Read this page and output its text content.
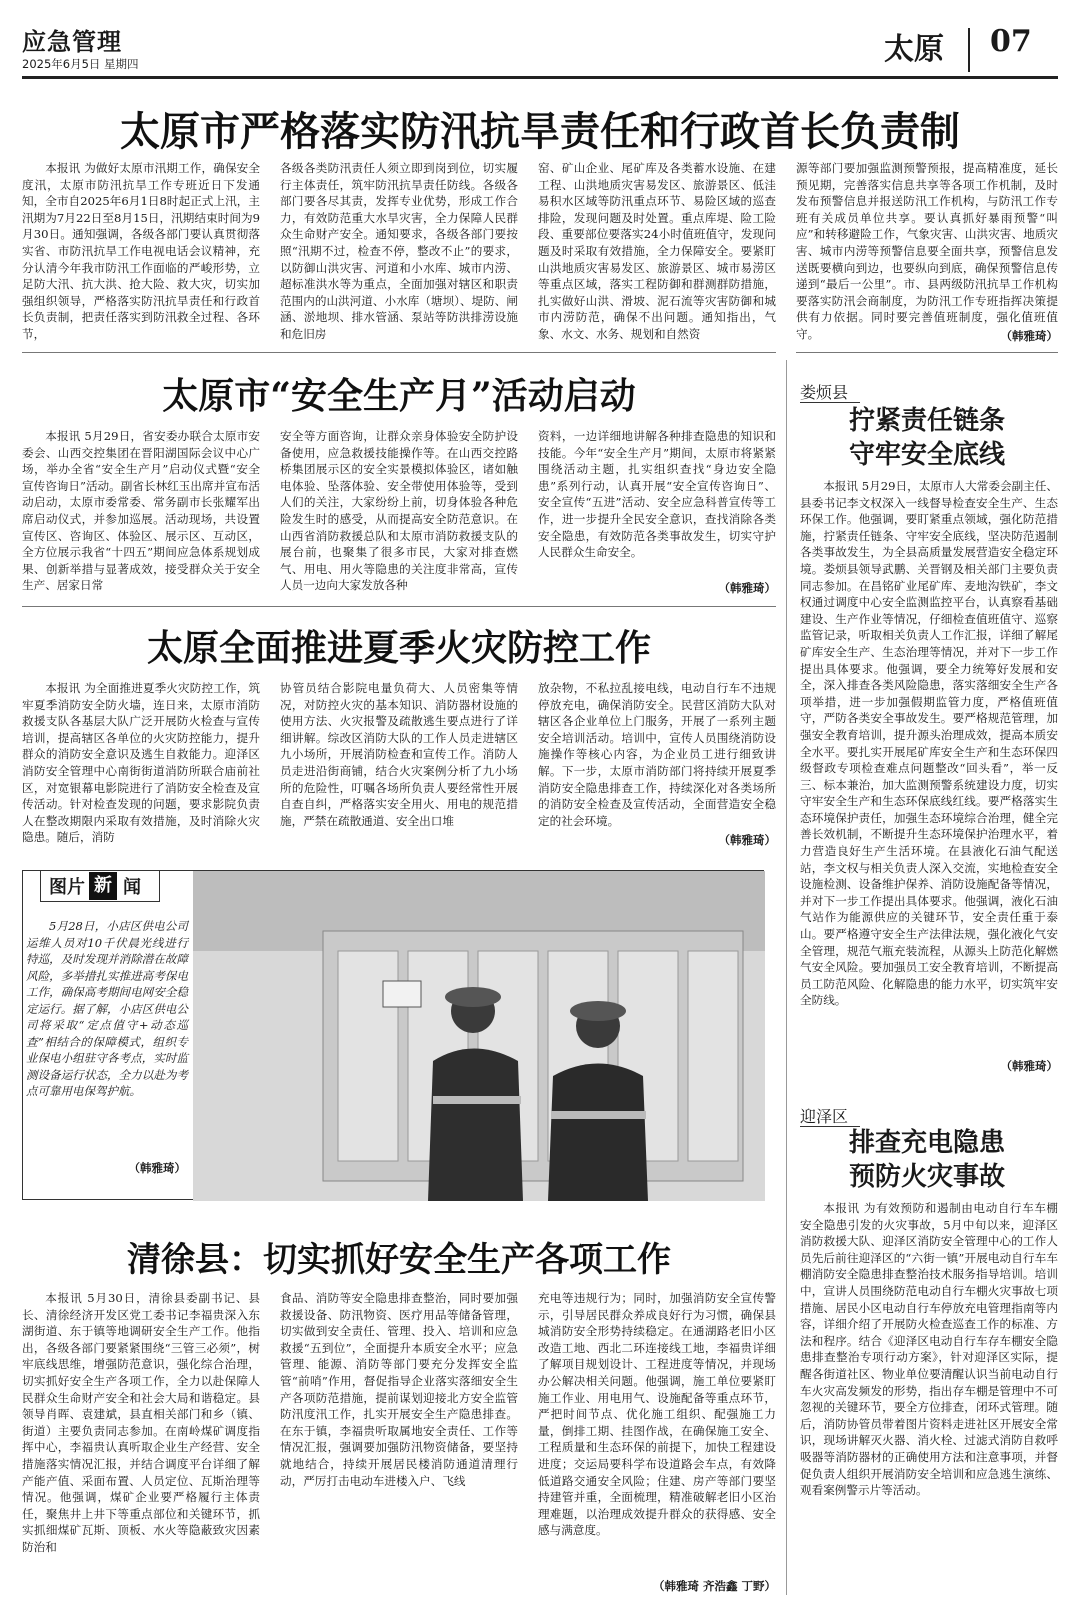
应急管理
2025年6月5日 星期四	太原 07
太原市严格落实防汛抗旱责任和行政首长负责制
本报讯 为做好太原市汛期工作，确保安全度汛，太原市防汛抗旱工作专班近日下发通知，全市自2025年6月1日8时起正式上汛，主汛期为7月22日至8月15日，汛期结束时间为9月30日。通知强调，各级各部门要认真贯彻落实省、市防汛抗旱工作电视电话会议精神，充分认清今年我市防汛工作面临的严峻形势，立足防大汛、抗大洪、抢大险、救大灾，切实加强组织领导，严格落实防汛抗旱责任和行政首长负责制，把责任落实到防汛救全过程、各环节，
各级各类防汛责任人须立即到岗到位，切实履行主体责任，筑牢防汛抗旱责任防线。各级各部门要各尽其责，发挥专业优势，形成工作合力，有效防范重大水旱灾害，全力保障人民群众生命财产安全。通知要求，各级各部门要按照“汛期不过，检查不停，整改不止”的要求，以防御山洪灾害、河道和小水库、城市内涝、超标准洪水等为重点，全面加强对辖区和职责范围内的山洪河道、小水库（塘坝）、堤防、闸涵、淤地坝、排水管涵、泵站等防洪排涝设施和危旧房
窑、矿山企业、尾矿库及各类蓄水设施、在建工程、山洪地质灾害易发区、旅游景区、低洼易积水区域等防汛重点环节、易险区域的巡查排险，发现问题及时处置。重点库堤、险工险段、重要部位要落实24小时值班值守，发现问题及时采取有效措施，全力保障安全。要紧盯山洪地质灾害易发区、旅游景区、城市易涝区等重点区域，落实工程防御和群测群防措施，扎实做好山洪、滑坡、泥石流等灾害防御和城市内涝防范，确保不出问题。通知指出，气象、水文、水务、规划和自然资
源等部门要加强监测预警预报，提高精准度，延长预见期，完善落实信息共享等各项工作机制，及时发布预警信息并报送防汛工作机构，与防汛工作专班有关成员单位共享。要认真抓好暴雨预警“叫应”和转移避险工作，气象灾害、山洪灾害、地质灾害、城市内涝等预警信息要全面共享，预警信息发送既要横向到边，也要纵向到底，确保预警信息传递到“最后一公里”。市、县两级防汛抗旱工作机构要落实防汛会商制度，为防汛工作专班指挥决策提供有力依据。同时要完善值班制度，强化值班值守。	（韩雅琦）
太原市“安全生产月”活动启动
本报讯 5月29日，省安委办联合太原市安委会、山西交控集团在晋阳湖国际会议中心广场，举办全省“安全生产月”启动仪式暨“安全宣传咨询日”活动。副省长林红玉出席并宣布活动启动，太原市委常委、常务副市长张耀军出席启动仪式，并参加巡展。活动现场，共设置宣传区、咨询区、体验区、展示区、互动区，全方位展示我省“十四五”期间应急体系规划成果、创新举措与显著成效，接受群众关于安全生产、居家日常
安全等方面咨询，让群众亲身体验安全防护设备使用，应急救援技能操作等。在山西交控路桥集团展示区的安全实景模拟体验区，诸如触电体验、坠落体验、安全带使用体验等，受到人们的关注，大家纷纷上前，切身体验各种危险发生时的感受，从而提高安全防范意识。在山西省消防救援总队和太原市消防救援支队的展台前，也聚集了很多市民，大家对排查燃气、用电、用火等隐患的关注度非常高，宣传人员一边向大家发放各种
资料，一边详细地讲解各种排查隐患的知识和技能。今年“安全生产月”期间，太原市将紧紧围绕活动主题，扎实组织查找“身边安全隐患”系列行动，认真开展“安全宣传咨询日”、安全宣传“五进”活动、安全应急科普宣传等工作，进一步提升全民安全意识，查找消除各类安全隐患，有效防范各类事故发生，切实守护人民群众生命安全。
（韩雅琦）
太原全面推进夏季火灾防控工作
本报讯 为全面推进夏季火灾防控工作，筑牢夏季消防安全防火墙，连日来，太原市消防救援支队各基层大队广泛开展防火检查与宣传培训，提高辖区各单位的火灾防控能力，提升群众的消防安全意识及逃生自救能力。迎泽区消防安全管理中心南街街道消防所联合庙前社区，对宽银幕电影院进行了消防安全检查及宣传活动。针对检查发现的问题，要求影院负责人在整改期限内采取有效措施，及时消除火灾隐患。随后，消防
协管员结合影院电量负荷大、人员密集等情况，对防控火灾的基本知识、消防器材设施的使用方法、火灾报警及疏散逃生要点进行了详细讲解。综改区消防大队的工作人员走进辖区九小场所，开展消防检查和宣传工作。消防人员走进沿街商铺，结合火灾案例分析了九小场所的危险性，叮嘱各场所负责人要经常性开展自查自纠，严格落实安全用火、用电的规范措施，严禁在疏散通道、安全出口堆
放杂物，不私拉乱接电线，电动自行车不违规停放充电，确保消防安全。民营区消防大队对辖区各企业单位上门服务，开展了一系列主题安全培训活动。培训中，宣传人员围绕消防设施操作等核心内容，为企业员工进行细致讲解。下一步，太原市消防部门将持续开展夏季消防安全隐患排查工作，持续深化对各类场所的消防安全检查及宣传活动，全面营造安全稳定的社会环境。
（韩雅琦）
图片 新 闻
5月28日，小店区供电公司运维人员对10千伏晨光线进行特巡，及时发现并消除潜在故障风险，多举措扎实推进高考保电工作，确保高考期间电网安全稳定运行。据了解，小店区供电公司将采取“定点值守+动态巡查”相结合的保障模式，组织专业保电小组驻守各考点，实时监测设备运行状态，全力以赴为考点可靠用电保驾护航。
（韩雅琦）
清徐县：切实抓好安全生产各项工作
本报讯 5月30日，清徐县委副书记、县长、清徐经济开发区党工委书记李福贵深入东湖街道、东于镇等地调研安全生产工作。他指出，各级各部门要紧紧围绕“三管三必须”，树牢底线思维，增强防范意识，强化综合治理，切实抓好安全生产各项工作，全力以赴保障人民群众生命财产安全和社会大局和谐稳定。县领导肖晖、袁建斌，县直相关部门和乡（镇、街道）主要负责同志参加。在南岭煤矿调度指挥中心，李福贵认真听取企业生产经营、安全措施落实情况汇报，并结合调度平台详细了解产能产值、采面布置、人员定位、瓦斯治理等情况。他强调，煤矿企业要严格履行主体责任，聚焦井上井下等重点部位和关键环节，抓实抓细煤矿瓦斯、顶板、水火等隐蔽致灾因素防治和
食品、消防等安全隐患排查整治，同时要加强救援设备、防汛物资、医疗用品等储备管理，切实做到安全责任、管理、投入、培训和应急救援“五到位”，全面提升本质安全水平；应急管理、能源、消防等部门要充分发挥安全监管“前哨”作用，督促指导企业落实落细安全生产各项防范措施，提前谋划迎接北方安全监管防汛度汛工作，扎实开展安全生产隐患排查。在东于镇，李福贵听取属地安全责任、工作等情况汇报，强调要加强防汛物资储备，要坚持就地结合，持续开展居民楼消防通道清理行动，严厉打击电动车进楼入户、飞线
充电等违规行为；同时，加强消防安全宣传警示，引导居民群众养成良好行为习惯，确保县城消防安全形势持续稳定。在通湖路老旧小区改造工地、西北二环连接线工地，李福贵详细了解项目规划设计、工程进度等情况，并现场办公解决相关问题。他强调，施工单位要紧盯施工作业、用电用气、设施配备等重点环节，严把时间节点、优化施工组织、配强施工力量，倒排工期、挂图作战，在确保施工安全、工程质量和生态环保的前提下，加快工程建设进度；交运局要科学布设道路会车点，有效降低道路交通安全风险；住建、房产等部门要坚持建管并重，全面梳理，精准破解老旧小区治理难题，以治理成效提升群众的获得感、安全感与满意度。
（韩雅琦 齐浩鑫 丁野）
娄烦县
拧紧责任链条
守牢安全底线
本报讯 5月29日，太原市人大常委会副主任、县委书记李文权深入一线督导检查安全生产、生态环保工作。他强调，要盯紧重点领域，强化防范措施，拧紧责任链条、守牢安全底线，坚决防范遏制各类事故发生，为全县高质量发展营造安全稳定环境。娄烦县领导武鹏、关晋钢及相关部门主要负责同志参加。在昌铭矿业尾矿库、麦地沟铁矿，李文权通过调度中心安全监测监控平台，认真察看基础建设、生产作业等情况，仔细检查值班值守、巡察监管记录，听取相关负责人工作汇报，详细了解尾矿库安全生产、生态治理等情况，并对下一步工作提出具体要求。他强调，要全力统筹好发展和安全，深入排查各类风险隐患，落实落细安全生产各项举措，进一步加强假期监管力度，严格值班值守，严防各类安全事故发生。要严格规范管理，加强安全教育培训，提升源头治理成效，提高本质安全水平。要扎实开展尾矿库安全生产和生态环保四级督政专项检查难点问题整改“回头看”，举一反三、标本兼治，加大监测预警系统建设力度，切实守牢安全生产和生态环保底线红线。要严格落实生态环境保护责任，加强生态环境综合治理，健全完善长效机制，不断提升生态环境保护治理水平，着力营造良好生产生活环境。在县液化石油气配送站，李文权与相关负责人深入交流，实地检查安全设施检测、设备维护保养、消防设施配备等情况，并对下一步工作提出具体要求。他强调，液化石油气站作为能源供应的关键环节，安全责任重于泰山。要严格遵守安全生产法律法规，强化液化气安全管理，规范气瓶充装流程，从源头上防范化解燃气安全风险。要加强员工安全教育培训，不断提高员工防范风险、化解隐患的能力水平，切实筑牢安全防线。
（韩雅琦）
迎泽区
排查充电隐患
预防火灾事故
本报讯 为有效预防和遏制由电动自行车车棚安全隐患引发的火灾事故，5月中旬以来，迎泽区消防救援大队、迎泽区消防安全管理中心的工作人员先后前往迎泽区的“六街一镇”开展电动自行车车棚消防安全隐患排查整治技术服务指导培训。培训中，宣讲人员围绕防范电动自行车棚火灾事故七项措施、居民小区电动自行车停放充电管理指南等内容，详细介绍了开展防火检查巡查工作的标准、方法和程序。结合《迎泽区电动自行车存车棚安全隐患排查整治专项行动方案》，针对迎泽区实际，提醒各街道社区、物业单位要清醒认识当前电动自行车火灾高发频发的形势，指出存车棚是管理中不可忽视的关键环节，要全方位排查，闭环式管理。随后，消防协管员带着图片资料走进社区开展安全常识，现场讲解灭火器、消火栓、过滤式消防自救呼吸器等消防器材的正确使用方法和注意事项，并督促负责人组织开展消防安全培训和应急逃生演练、观看案例警示片等活动。
